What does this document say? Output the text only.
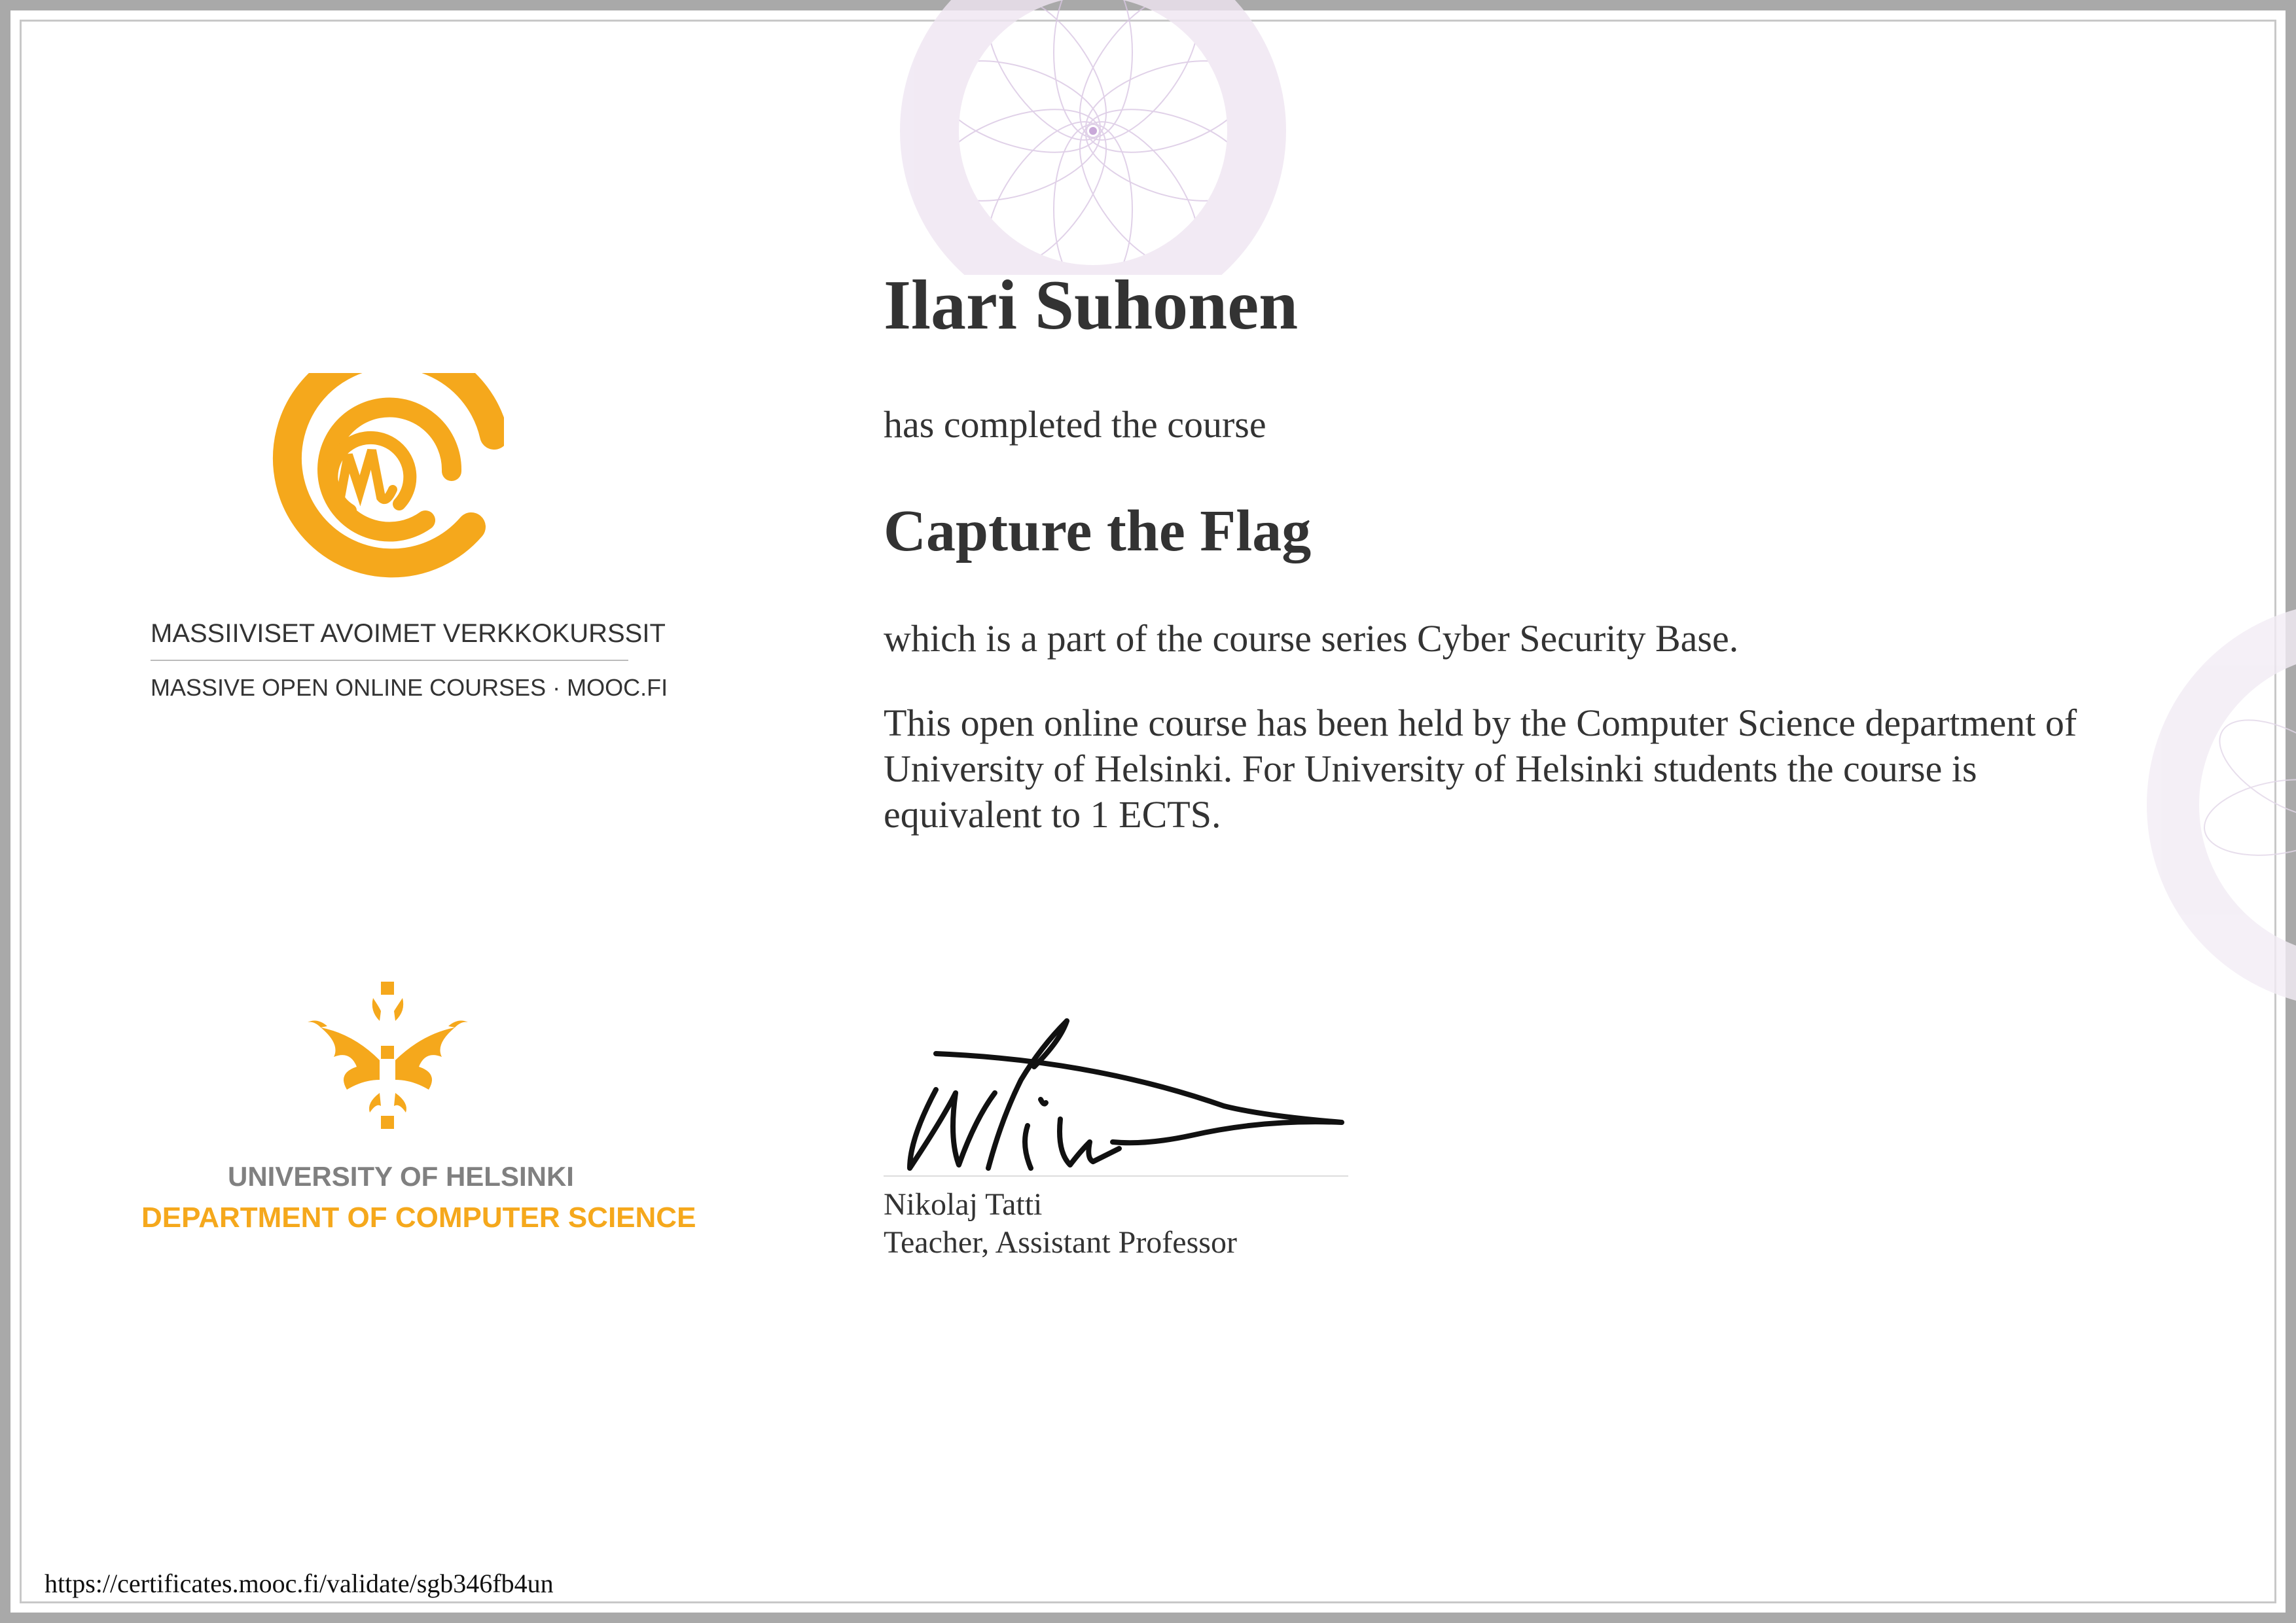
MASSIIVISET AVOIMET VERKKOKURSSIT
MASSIVE OPEN ONLINE COURSES · MOOC.FI
UNIVERSITY OF HELSINKI
DEPARTMENT OF COMPUTER SCIENCE
Ilari Suhonen
has completed the course
Capture the Flag
which is a part of the course series Cyber Security Base.
This open online course has been held by the Computer Science department of University of Helsinki. For University of Helsinki students the course is equivalent to 1 ECTS.
Nikolaj Tatti
Teacher, Assistant Professor
https://certificates.mooc.fi/validate/sgb346fb4un
